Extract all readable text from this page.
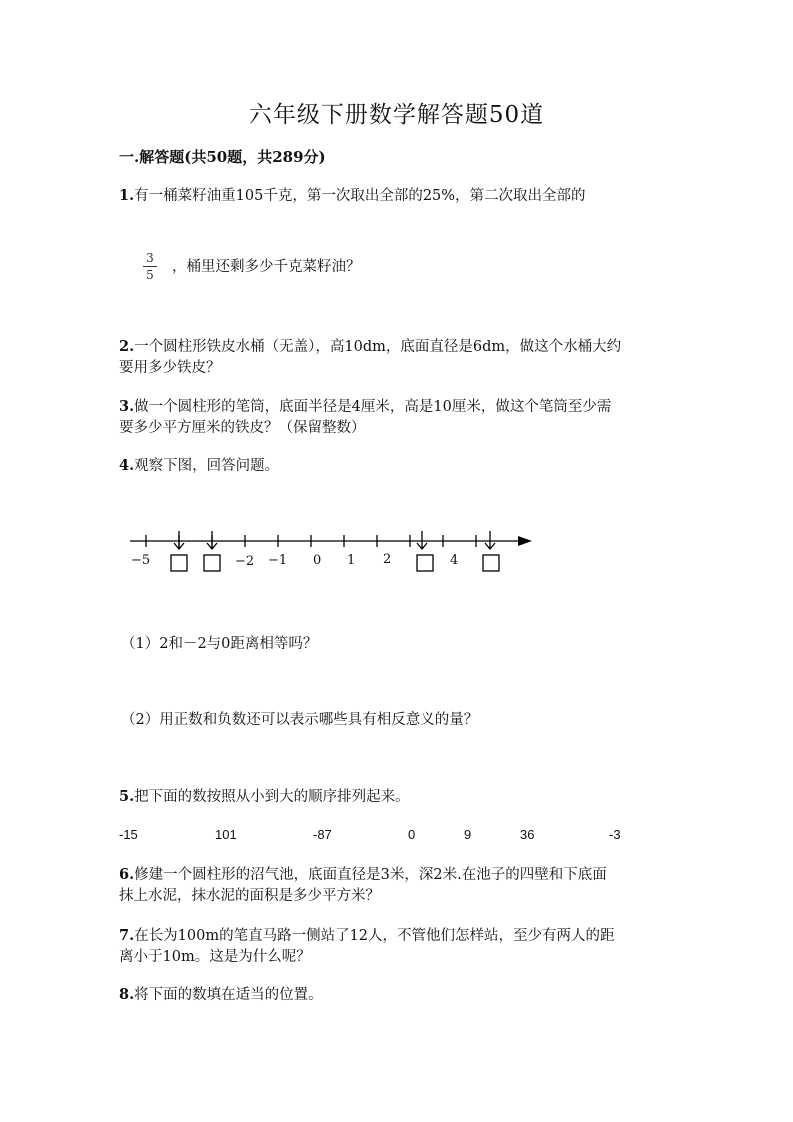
六年级下册数学解答题50道
一.解答题(共50题，共289分)
1.有一桶菜籽油重105千克，第一次取出全部的25%，第二次取出全部的
3
5 ，桶里还剩多少千克菜籽油？
2.一个圆柱形铁皮水桶（无盖），高10dm，底面直径是6dm，做这个水桶大约
要用多少铁皮？
3.做一个圆柱形的笔筒，底面半径是4厘米，高是10厘米，做这个笔筒至少需
要多少平方厘米的铁皮？（保留整数）
4.观察下图，回答问题。
−5	−2 −1 0 1 2	4
（1）2和－2与0距离相等吗？
（2）用正数和负数还可以表示哪些具有相反意义的量？
5.把下面的数按照从小到大的顺序排列起来。
-15	101	-87	0	9	36	-3
6.修建一个圆柱形的沼气池，底面直径是3米，深2米.在池子的四壁和下底面
抹上水泥，抹水泥的面积是多少平方米？
7.在长为100m的笔直马路一侧站了12人，不管他们怎样站，至少有两人的距
离小于10m。这是为什么呢？
8.将下面的数填在适当的位置。
